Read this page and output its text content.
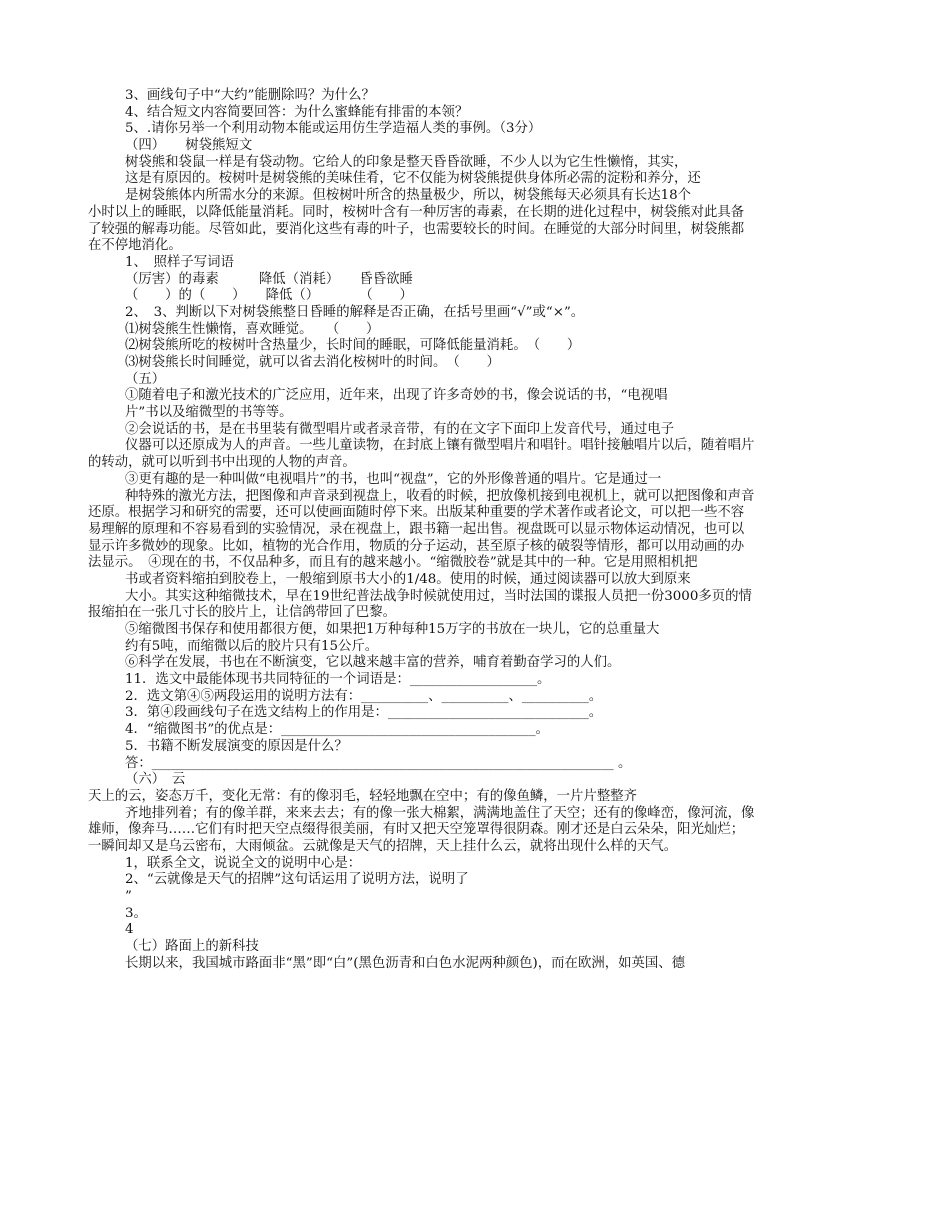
3、画线句子中“大约”能删除吗？为什么？
4、结合短文内容简要回答：为什么蜜蜂能有排雷的本领？
5、.请你另举一个利用动物本能或运用仿生学造福人类的事例。（3分）
（四）　　树袋熊短文
树袋熊和袋鼠一样是有袋动物。它给人的印象是整天昏昏欲睡，不少人以为它生性懒惰，其实，
这是有原因的。桉树叶是树袋熊的美味佳肴，它不仅能为树袋熊提供身体所必需的淀粉和养分，还
是树袋熊体内所需水分的来源。但桉树叶所含的热量极少，所以，树袋熊每天必须具有长达18个
小时以上的睡眠，以降低能量消耗。同时，桉树叶含有一种厉害的毒素，在长期的进化过程中，树袋熊对此具备
了较强的解毒功能。尽管如此，要消化这些有毒的叶子，也需要较长的时间。在睡觉的大部分时间里，树袋熊都
在不停地消化。
1、　照样子写词语
（厉害）的毒素　　　降低（消耗）　　昏昏欲睡
（　　）的（　　）　　降低（）　　　　（　　）
2、　3、判断以下对树袋熊整日昏睡的解释是否正确，在括号里画“√”或“×”。
⑴树袋熊生性懒惰，喜欢睡觉。　　（　　）
⑵树袋熊所吃的桉树叶含热量少，长时间的睡眠，可降低能量消耗。　（　　）
⑶树袋熊长时间睡觉，就可以省去消化桉树叶的时间。　（　　）
（五）
①随着电子和激光技术的广泛应用，近年来，出现了许多奇妙的书，像会说话的书，“电视唱
片”书以及缩微型的书等等。
②会说话的书，是在书里装有微型唱片或者录音带，有的在文字下面印上发音代号，通过电子
仪器可以还原成为人的声音。一些儿童读物，在封底上镶有微型唱片和唱针。唱针接触唱片以后，随着唱片
的转动，就可以听到书中出现的人物的声音。
③更有趣的是一种叫做“电视唱片”的书，也叫“视盘”，它的外形像普通的唱片。它是通过一
种特殊的激光方法，把图像和声音录到视盘上，收看的时候，把放像机接到电视机上，就可以把图像和声音
还原。根据学习和研究的需要，还可以使画面随时停下来。出版某种重要的学术著作或者论文，可以把一些不容
易理解的原理和不容易看到的实验情况，录在视盘上，跟书籍一起出售。视盘既可以显示物体运动情况，也可以
显示许多微妙的现象。比如，植物的光合作用，物质的分子运动，甚至原子核的破裂等情形，都可以用动画的办
法显示。　④现在的书，不仅品种多，而且有的越来越小。“缩微胶卷”就是其中的一种。它是用照相机把
书或者资料缩拍到胶卷上，一般缩到原书大小的1/48。使用的时候，通过阅读器可以放大到原来
大小。其实这种缩微技术，早在19世纪普法战争时候就使用过，当时法国的谍报人员把一份3000多页的情
报缩拍在一张几寸长的胶片上，让信鸽带回了巴黎。
⑤缩微图书保存和使用都很方便，如果把1万种每种15万字的书放在一块儿，它的总重量大
约有5吨，而缩微以后的胶片只有15公斤。
⑥科学在发展，书也在不断演变，它以越来越丰富的营养，哺育着勤奋学习的人们。
11．选文中最能体现书共同特征的一个词语是：___________________。
2．选文第④⑤两段运用的说明方法有：__________、__________、__________。
3．第④段画线句子在选文结构上的作用是：______________________________。
4．“缩微图书”的优点是：______________________________________。
5．书籍不断发展演变的原因是什么？
答：_____________________________________________________________________ 。
（六）　云
天上的云，姿态万千，变化无常：有的像羽毛，轻轻地飘在空中；有的像鱼鳞，一片片整整齐
齐地排列着；有的像羊群，来来去去；有的像一张大棉絮，满满地盖住了天空；还有的像峰峦，像河流，像
雄师，像奔马……它们有时把天空点缀得很美丽，有时又把天空笼罩得很阴森。刚才还是白云朵朵，阳光灿烂；
一瞬间却又是乌云密布，大雨倾盆。云就像是天气的招牌，天上挂什么云，就将出现什么样的天气。
1，联系全文，说说全文的说明中心是：
2、“云就像是天气的招牌”这句话运用了说明方法，说明了
”
3。
4
（七）路面上的新科技
长期以来，我国城市路面非“黑”即“白”(黑色沥青和白色水泥两种颜色)，而在欧洲，如英国、德
